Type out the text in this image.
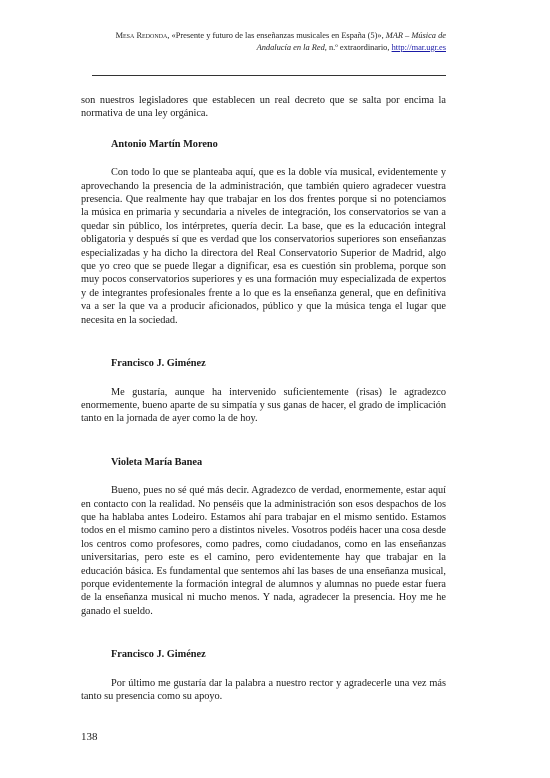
Mesa Redonda, «Presente y futuro de las enseñanzas musicales en España (5)», MAR – Música de Andalucía en la Red, n.º extraordinario, http://mar.ugr.es

son nuestros legisladores que establecen un real decreto que se salta por encima la normativa de una ley orgánica.

Antonio Martín Moreno

Con todo lo que se planteaba aquí, que es la doble vía musical, evidentemente y aprovechando la presencia de la administración, que también quiero agradecer vuestra presencia. Que realmente hay que trabajar en los dos frentes porque si no potenciamos la música en primaria y secundaria a niveles de integración, los conservatorios se van a quedar sin público, los intérpretes, quería decir. La base, que es la educación integral obligatoria y después sí que es verdad que los conservatorios superiores son enseñanzas especializadas y ha dicho la directora del Real Conservatorio Superior de Madrid, algo que yo creo que se puede llegar a dignificar, esa es cuestión sin problema, porque son muy pocos conservatorios superiores y es una formación muy especializada de expertos y de integrantes profesionales frente a lo que es la enseñanza general, que en definitiva va a ser la que va a producir aficionados, público y que la música tenga el lugar que necesita en la sociedad.

Francisco J. Giménez

Me gustaría, aunque ha intervenido suficientemente (risas) le agradezco enormemente, bueno aparte de su simpatía y sus ganas de hacer, el grado de implicación tanto en la jornada de ayer como la de hoy.

Violeta María Banea

Bueno, pues no sé qué más decir. Agradezco de verdad, enormemente, estar aquí en contacto con la realidad. No penséis que la administración son esos despachos de los que ha hablaba antes Lodeiro. Estamos ahí para trabajar en el mismo sentido. Estamos todos en el mismo camino pero a distintos niveles. Vosotros podéis hacer una cosa desde los centros como profesores, como padres, como ciudadanos, como en las enseñanzas universitarias, pero este es el camino, pero evidentemente hay que trabajar en la educación básica. Es fundamental que sentemos ahí las bases de una enseñanza musical, porque evidentemente la formación integral de alumnos y alumnas no puede estar fuera de la enseñanza musical ni mucho menos. Y nada, agradecer la presencia. Hoy me he ganado el sueldo.

Francisco J. Giménez

Por último me gustaría dar la palabra a nuestro rector y agradecerle una vez más tanto su presencia como su apoyo.

138
